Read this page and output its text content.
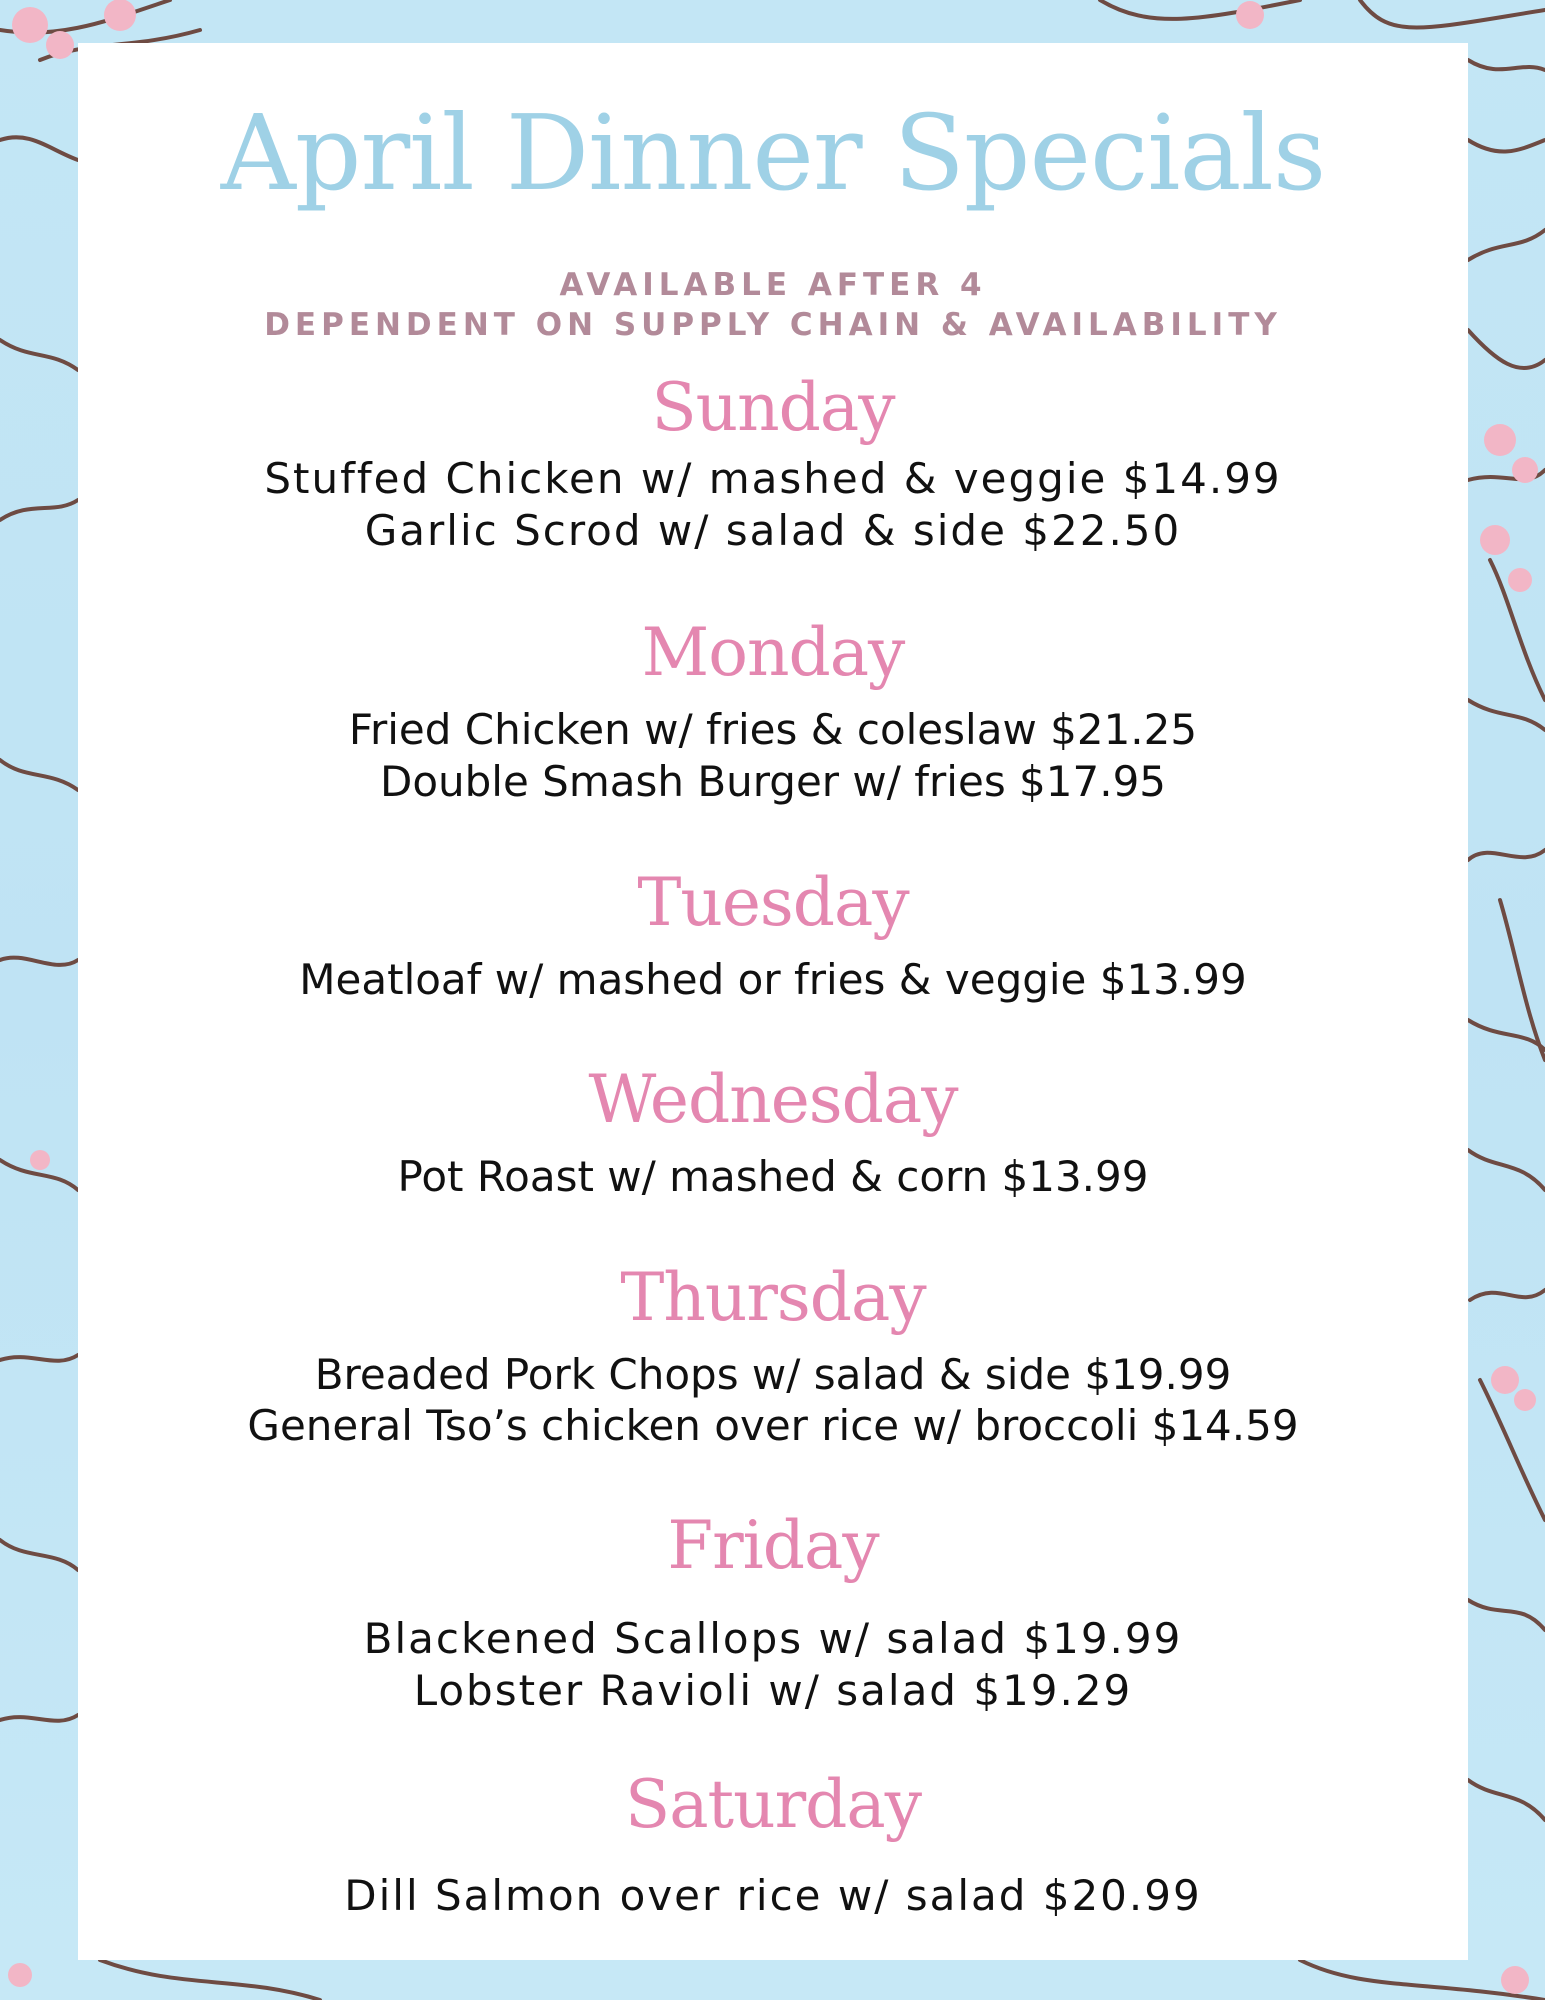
April Dinner Specials
AVAILABLE AFTER 4
DEPENDENT ON SUPPLY CHAIN & AVAILABILITY
Sunday
Stuffed Chicken w/ mashed & veggie $14.99
Garlic Scrod w/ salad & side $22.50
Monday
Fried Chicken w/ fries & coleslaw $21.25
Double Smash Burger w/ fries $17.95
Tuesday
Meatloaf w/ mashed or fries & veggie $13.99
Wednesday
Pot Roast w/ mashed & corn $13.99
Thursday
Breaded Pork Chops w/ salad & side $19.99
General Tso’s chicken over rice w/ broccoli $14.59
Friday
Blackened Scallops w/ salad $19.99
Lobster Ravioli w/ salad $19.29
Saturday
Dill Salmon over rice w/ salad $20.99
